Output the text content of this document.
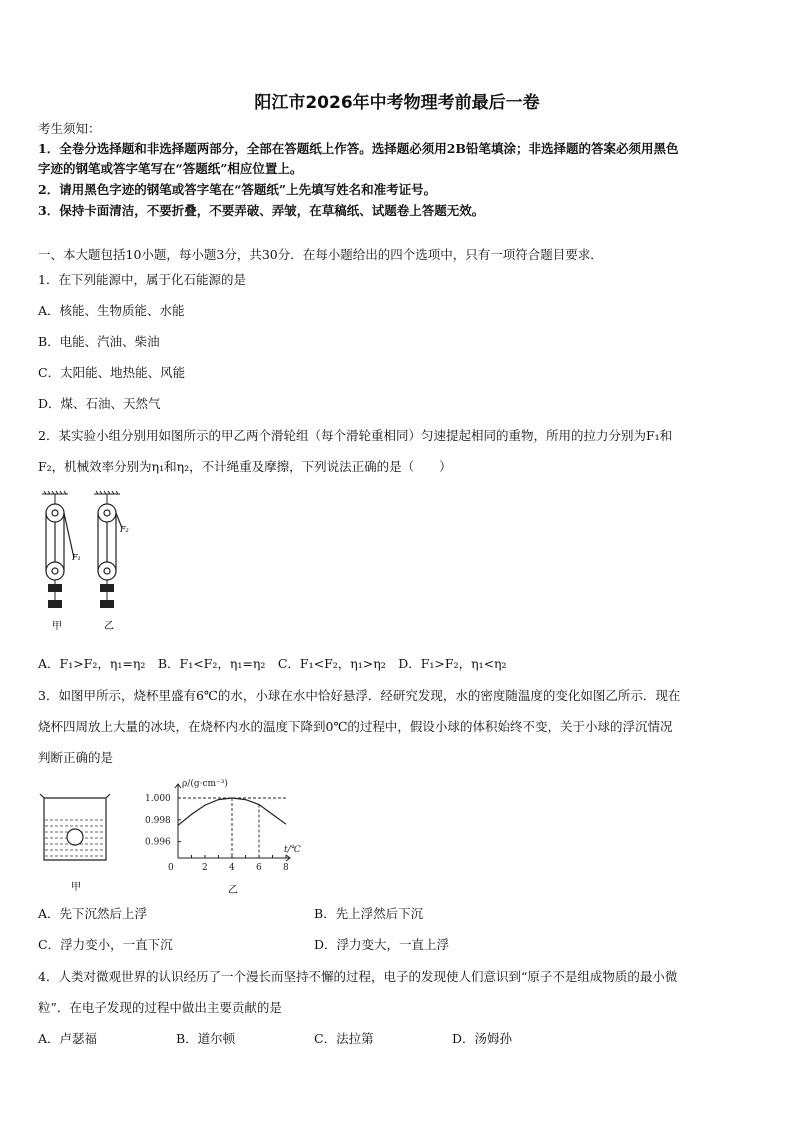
阳江市2026年中考物理考前最后一卷
考生须知：
1．全卷分选择题和非选择题两部分，全部在答题纸上作答。选择题必须用2B铅笔填涂；非选择题的答案必须用黑色
字迹的钢笔或答字笔写在“答题纸”相应位置上。
2．请用黑色字迹的钢笔或答字笔在“答题纸”上先填写姓名和准考证号。
3．保持卡面清洁，不要折叠，不要弄破、弄皱，在草稿纸、试题卷上答题无效。
一、本大题包括10小题，每小题3分，共30分．在每小题给出的四个选项中，只有一项符合题目要求．
1．在下列能源中，属于化石能源的是
A．核能、生物质能、水能
B．电能、汽油、柴油
C．太阳能、地热能、风能
D．煤、石油、天然气
2．某实验小组分别用如图所示的甲乙两个滑轮组（每个滑轮重相同）匀速提起相同的重物，所用的拉力分别为F₁和
F₂，机械效率分别为η₁和η₂，不计绳重及摩擦，下列说法正确的是（　　）
F₁
F₂
甲	乙
A．F₁>F₂，η₁=η₂　B．F₁<F₂，η₁=η₂　C．F₁<F₂，η₁>η₂　D．F₁>F₂，η₁<η₂
3．如图甲所示，烧杯里盛有6℃的水，小球在水中恰好悬浮．经研究发现，水的密度随温度的变化如图乙所示．现在
烧杯四周放上大量的冰块，在烧杯内水的温度下降到0℃的过程中，假设小球的体积始终不变，关于小球的浮沉情况
判断正确的是
甲
0	2 4 6 8
1.000
0.998
0.996
ρ/(g·cm⁻³)
t/℃
乙
A．先下沉然后上浮	B．先上浮然后下沉
C．浮力变小，一直下沉	D．浮力变大，一直上浮
4．人类对微观世界的认识经历了一个漫长而坚持不懈的过程，电子的发现使人们意识到“原子不是组成物质的最小微
粒”．在电子发现的过程中做出主要贡献的是
A．卢瑟福	B．道尔顿	C．法拉第	D．汤姆孙
